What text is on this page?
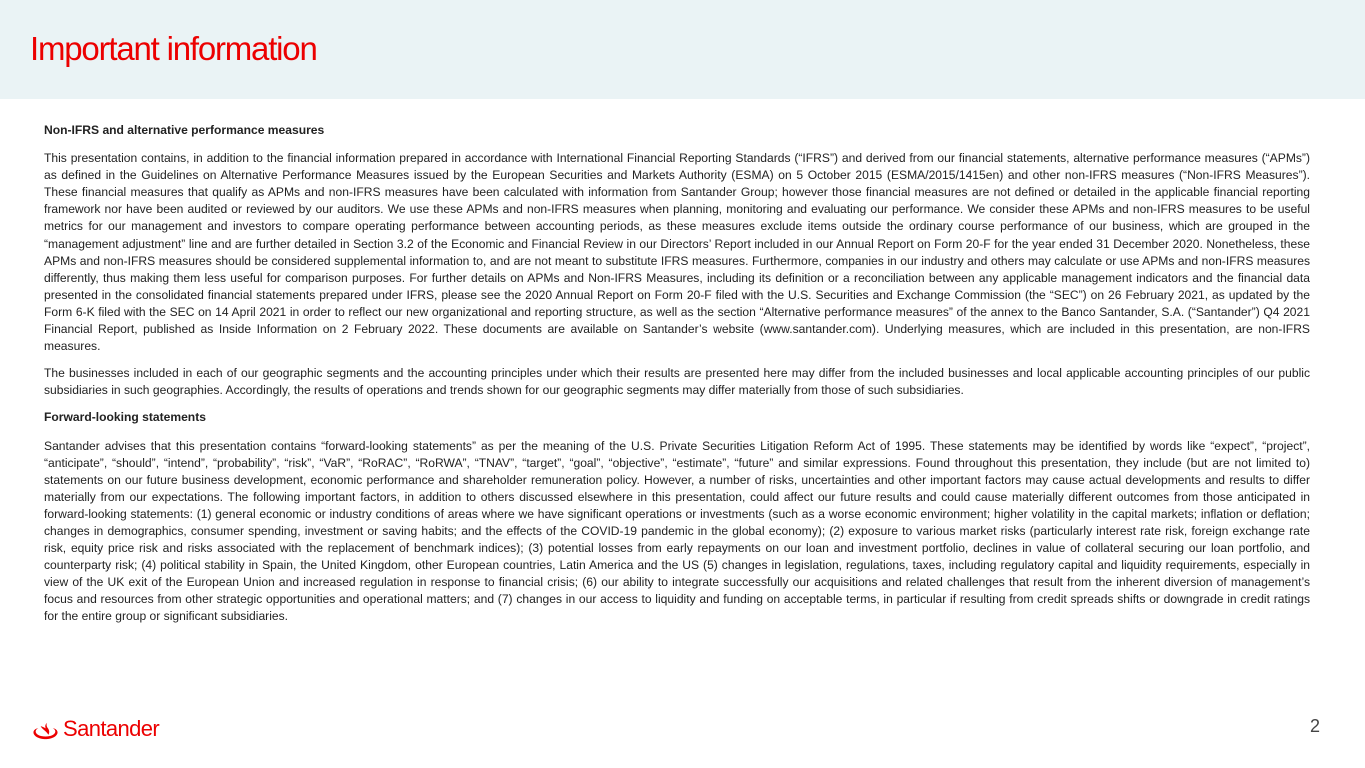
Important information
Non-IFRS and alternative performance measures

This presentation contains, in addition to the financial information prepared in accordance with International Financial Reporting Standards (“IFRS”) and derived from our financial statements, alternative performance measures (“APMs”) as defined in the Guidelines on Alternative Performance Measures issued by the European Securities and Markets Authority (ESMA) on 5 October 2015 (ESMA/2015/1415en) and other non-IFRS measures (“Non-IFRS Measures”). These financial measures that qualify as APMs and non-IFRS measures have been calculated with information from Santander Group; however those financial measures are not defined or detailed in the applicable financial reporting framework nor have been audited or reviewed by our auditors. We use these APMs and non-IFRS measures when planning, monitoring and evaluating our performance. We consider these APMs and non-IFRS measures to be useful metrics for our management and investors to compare operating performance between accounting periods, as these measures exclude items outside the ordinary course performance of our business, which are grouped in the “management adjustment” line and are further detailed in Section 3.2 of the Economic and Financial Review in our Directors’ Report included in our Annual Report on Form 20-F for the year ended 31 December 2020. Nonetheless, these APMs and non-IFRS measures should be considered supplemental information to, and are not meant to substitute IFRS measures. Furthermore, companies in our industry and others may calculate or use APMs and non-IFRS measures differently, thus making them less useful for comparison purposes. For further details on APMs and Non-IFRS Measures, including its definition or a reconciliation between any applicable management indicators and the financial data presented in the consolidated financial statements prepared under IFRS, please see the 2020 Annual Report on Form 20-F filed with the U.S. Securities and Exchange Commission (the “SEC”) on 26 February 2021, as updated by the Form 6-K filed with the SEC on 14 April 2021 in order to reflect our new organizational and reporting structure, as well as the section “Alternative performance measures” of the annex to the Banco Santander, S.A. (“Santander”) Q4 2021 Financial Report, published as Inside Information on 2 February 2022. These documents are available on Santander’s website (www.santander.com). Underlying measures, which are included in this presentation, are non-IFRS measures.

The businesses included in each of our geographic segments and the accounting principles under which their results are presented here may differ from the included businesses and local applicable accounting principles of our public subsidiaries in such geographies. Accordingly, the results of operations and trends shown for our geographic segments may differ materially from those of such subsidiaries.

Forward-looking statements

Santander advises that this presentation contains “forward-looking statements” as per the meaning of the U.S. Private Securities Litigation Reform Act of 1995. These statements may be identified by words like “expect”, “project”, “anticipate”, “should”, “intend”, “probability”, “risk”, “VaR”, “RoRAC”, “RoRWA”, “TNAV”, “target”, “goal”, “objective”, “estimate”, “future” and similar expressions. Found throughout this presentation, they include (but are not limited to) statements on our future business development, economic performance and shareholder remuneration policy. However, a number of risks, uncertainties and other important factors may cause actual developments and results to differ materially from our expectations. The following important factors, in addition to others discussed elsewhere in this presentation, could affect our future results and could cause materially different outcomes from those anticipated in forward-looking statements: (1) general economic or industry conditions of areas where we have significant operations or investments (such as a worse economic environment; higher volatility in the capital markets; inflation or deflation; changes in demographics, consumer spending, investment or saving habits; and the effects of the COVID-19 pandemic in the global economy); (2) exposure to various market risks (particularly interest rate risk, foreign exchange rate risk, equity price risk and risks associated with the replacement of benchmark indices); (3) potential losses from early repayments on our loan and investment portfolio, declines in value of collateral securing our loan portfolio, and counterparty risk; (4) political stability in Spain, the United Kingdom, other European countries, Latin America and the US (5) changes in legislation, regulations, taxes, including regulatory capital and liquidity requirements, especially in view of the UK exit of the European Union and increased regulation in response to financial crisis; (6) our ability to integrate successfully our acquisitions and related challenges that result from the inherent diversion of management’s focus and resources from other strategic opportunities and operational matters; and (7) changes in our access to liquidity and funding on acceptable terms, in particular if resulting from credit spreads shifts or downgrade in credit ratings for the entire group or significant subsidiaries.

Santander	2
